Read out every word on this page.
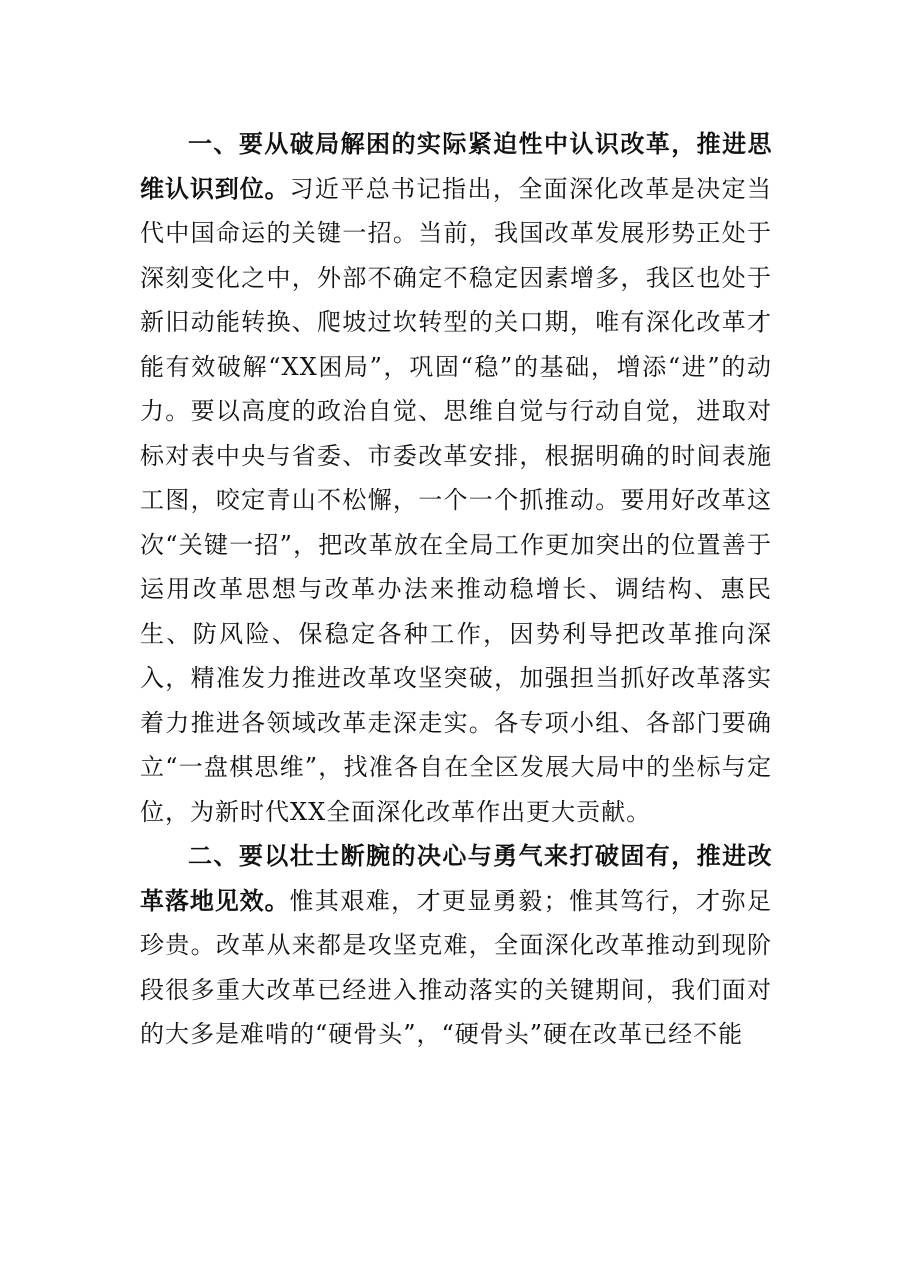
一、要从破局解困的实际紧迫性中认识改革，推进思维认识到位。习近平总书记指出，全面深化改革是决定当代中国命运的关键一招。当前，我国改革发展形势正处于深刻变化之中，外部不确定不稳定因素增多，我区也处于新旧动能转换、爬坡过坎转型的关口期，唯有深化改革才能有效破解“XX困局”，巩固“稳”的基础，增添“进”的动力。要以高度的政治自觉、思维自觉与行动自觉，进取对标对表中央与省委、市委改革安排，根据明确的时间表施工图，咬定青山不松懈，一个一个抓推动。要用好改革这次“关键一招”，把改革放在全局工作更加突出的位置善于运用改革思想与改革办法来推动稳增长、调结构、惠民生、防风险、保稳定各种工作，因势利导把改革推向深入，精准发力推进改革攻坚突破，加强担当抓好改革落实着力推进各领域改革走深走实。各专项小组、各部门要确立“一盘棋思维”，找准各自在全区发展大局中的坐标与定位，为新时代XX全面深化改革作出更大贡献。

二、要以壮士断腕的决心与勇气来打破固有，推进改革落地见效。惟其艰难，才更显勇毅；惟其笃行，才弥足珍贵。改革从来都是攻坚克难，全面深化改革推动到现阶段很多重大改革已经进入推动落实的关键期间，我们面对的大多是难啃的“硬骨头”，“硬骨头”硬在改革已经不能
